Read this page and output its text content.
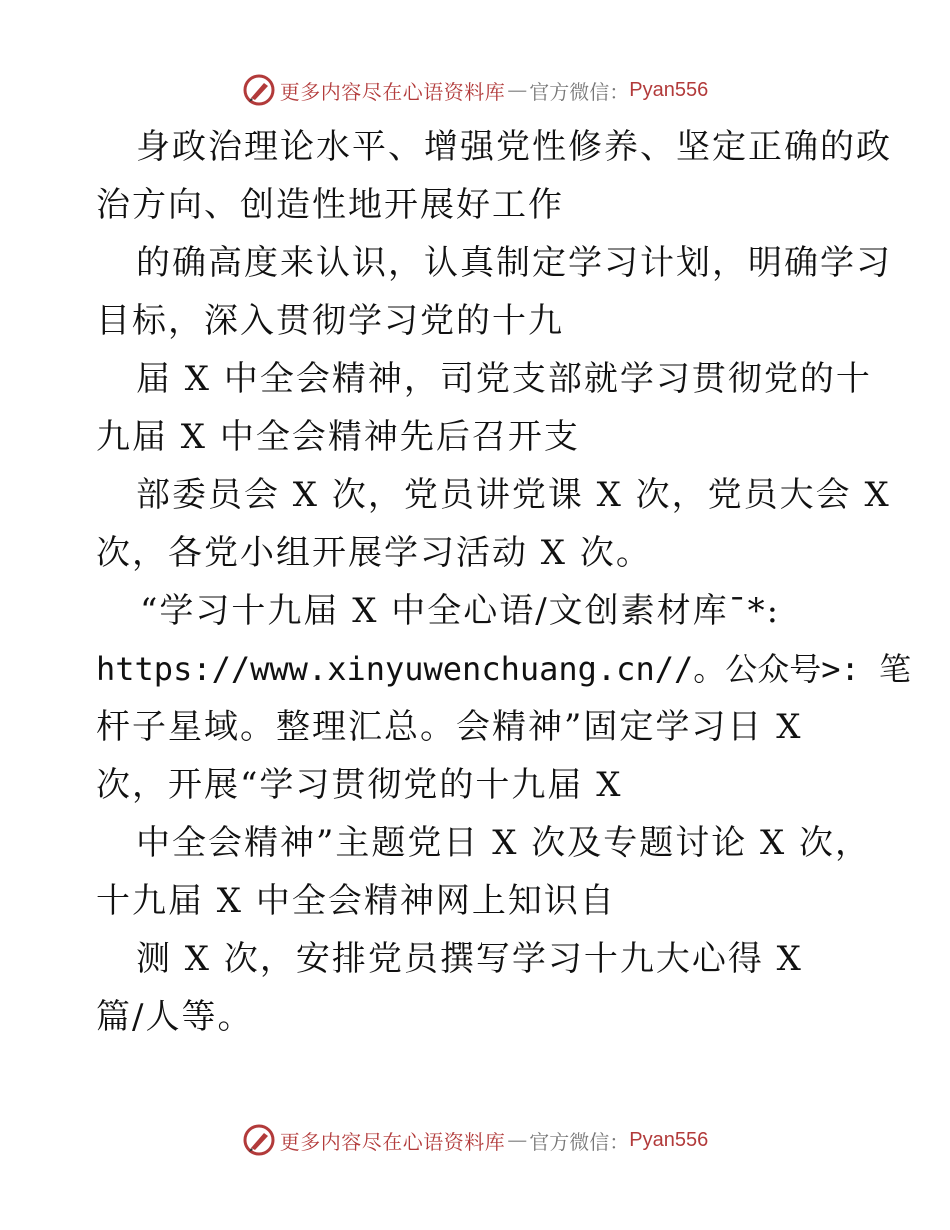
更多内容尽在心语资料库 — 官方微信： Pyan556
身政治理论水平、增强党性修养、坚定正确的政
治方向、创造性地开展好工作
的确高度来认识，认真制定学习计划，明确学习
目标，深入贯彻学习党的十九
届 X 中全会精神，司党支部就学习贯彻党的十
九届 X 中全会精神先后召开支
部委员会 X 次，党员讲党课 X 次，党员大会 X
次，各党小组开展学习活动 X 次。
“学习十九届 X 中全心语/文创素材库¯*:
https://www.xinyuwenchuang.cn//。公众号>: 笔
杆子星域。整理汇总。会精神”固定学习日 X
次，开展“学习贯彻党的十九届 X
中全会精神”主题党日 X 次及专题讨论 X 次，
十九届 X 中全会精神网上知识自
测 X 次，安排党员撰写学习十九大心得 X
篇/人等。
更多内容尽在心语资料库 — 官方微信： Pyan556
